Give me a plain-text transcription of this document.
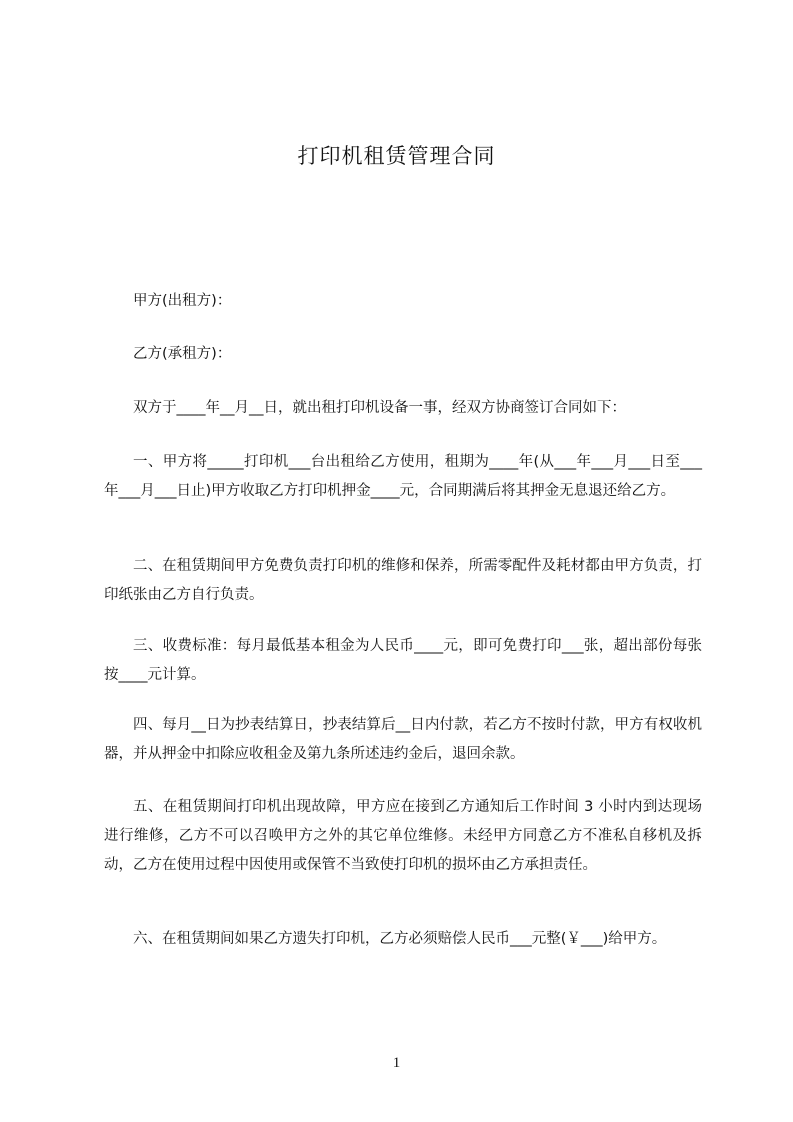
打印机租赁管理合同

甲方(出租方)：

乙方(承租方)：

双方于____年__月__日，就出租打印机设备一事，经双方协商签订合同如下：

一、甲方将_____打印机___台出租给乙方使用，租期为____年(从___年___月___日至___年___月___日止)甲方收取乙方打印机押金____元，合同期满后将其押金无息退还给乙方。

二、在租赁期间甲方免费负责打印机的维修和保养，所需零配件及耗材都由甲方负责，打印纸张由乙方自行负责。

三、收费标准：每月最低基本租金为人民币____元，即可免费打印___张，超出部份每张按____元计算。

四、每月__日为抄表结算日，抄表结算后__日内付款，若乙方不按时付款，甲方有权收机器，并从押金中扣除应收租金及第九条所述违约金后，退回余款。

五、在租赁期间打印机出现故障，甲方应在接到乙方通知后工作时间 3 小时内到达现场进行维修，乙方不可以召唤甲方之外的其它单位维修。未经甲方同意乙方不准私自移机及拆动，乙方在使用过程中因使用或保管不当致使打印机的损坏由乙方承担责任。

六、在租赁期间如果乙方遗失打印机，乙方必须赔偿人民币___元整(￥___)给甲方。

1
